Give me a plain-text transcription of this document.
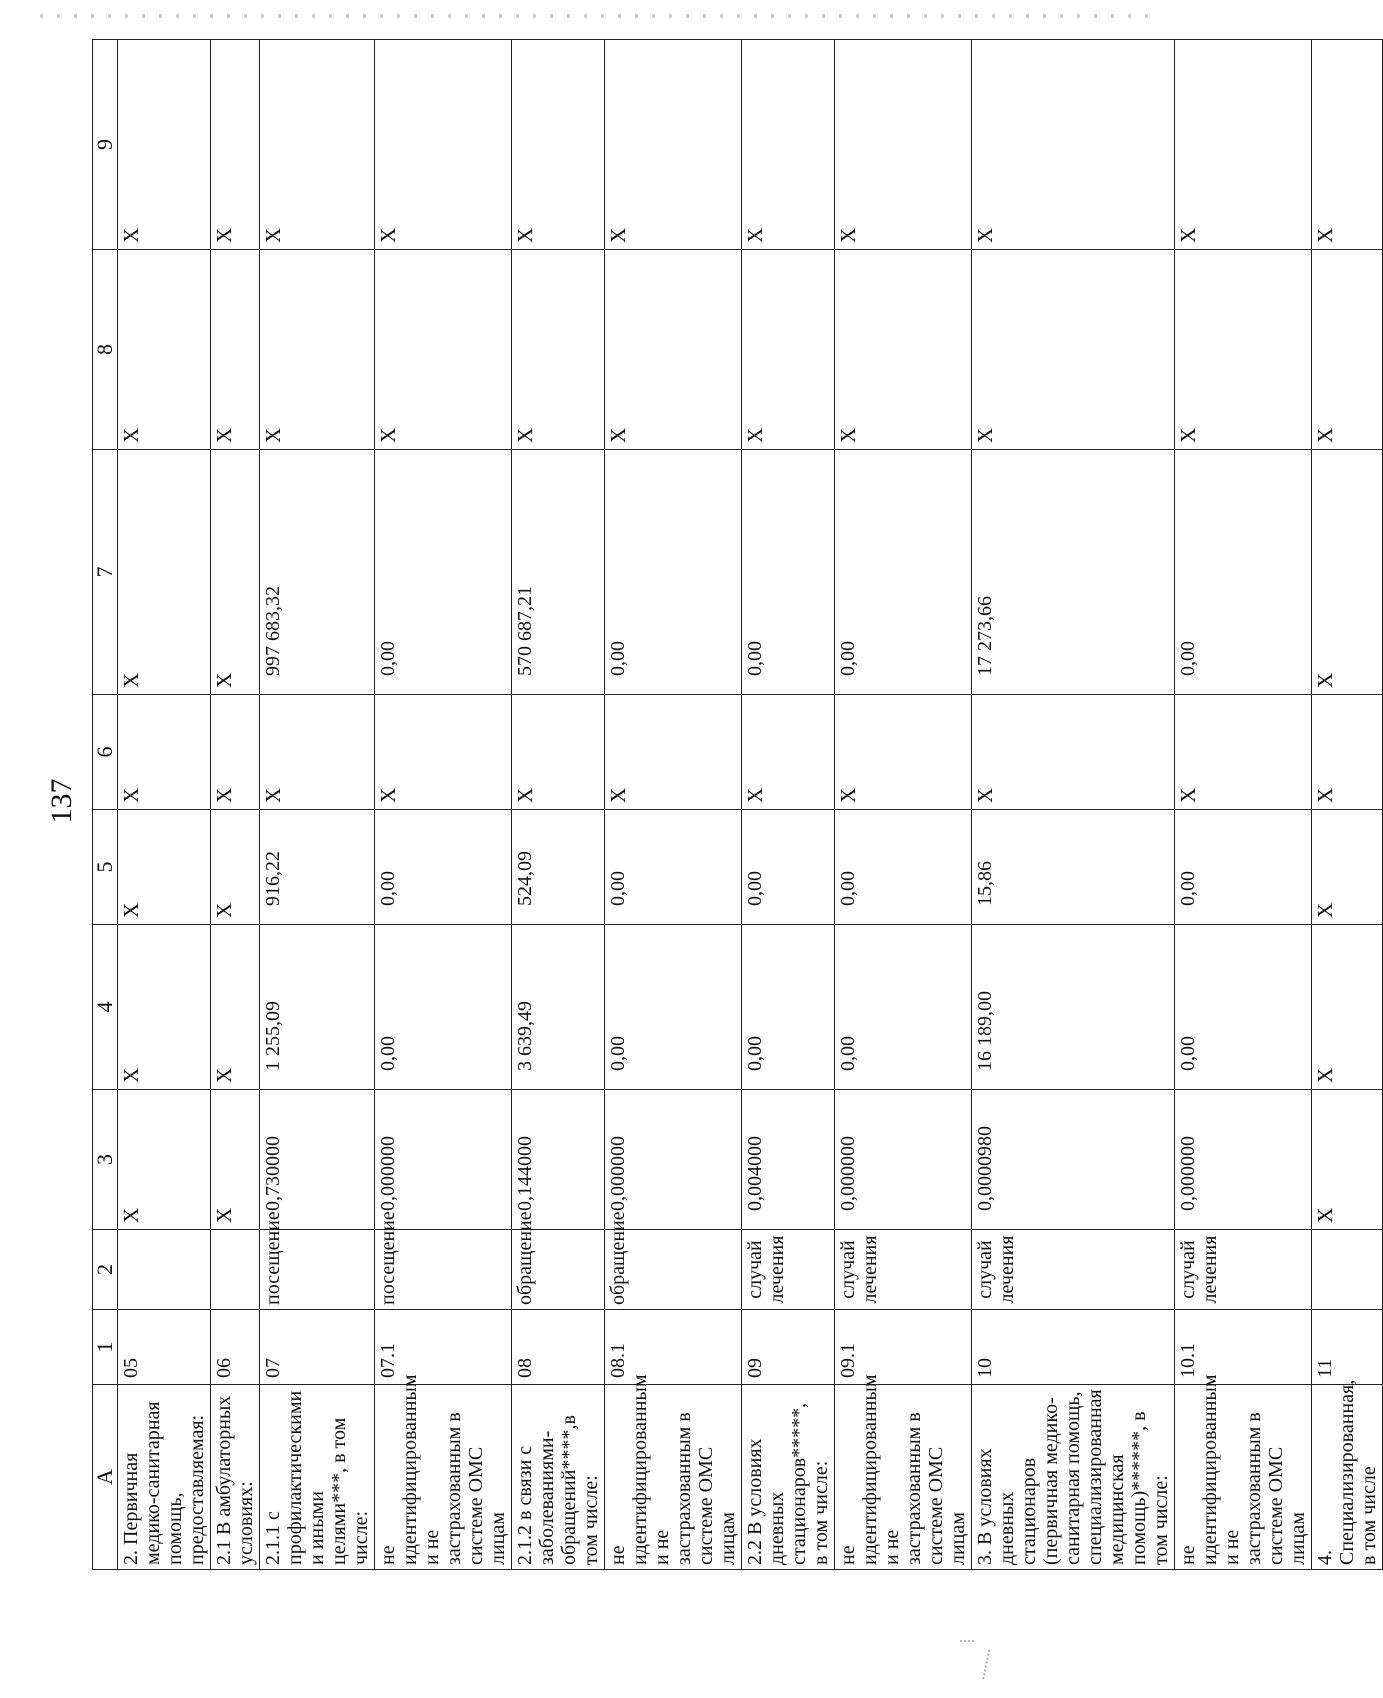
137
А	1	2	3	4	5	6	7	8	9
2. Первичная медико-санитарная помощь, предоставляемая:	05		X	X	X	X	X	X	X
2.1 В амбулаторных условиях:	06		X	X	X	X	X	X	X
2.1.1 с профилактическими и иными целями***, в том числе:	07	посещение	0,730000	1 255,09	916,22	X	997 683,32	X	X
не идентифицированным и не застрахованным в системе ОМС лицам	07.1	посещение	0,000000	0,00	0,00	X	0,00	X	X
2.1.2 в связи с заболеваниями-обращений****,в том числе:	08	обращение	0,144000	3 639,49	524,09	X	570 687,21	X	X
не идентифицированным и не застрахованным в системе ОМС лицам	08.1	обращение	0,000000	0,00	0,00	X	0,00	X	X
2.2 В условиях дневных стационаров*****, в том числе:	09	случай лечения	0,004000	0,00	0,00	X	0,00	X	X
не идентифицированным и не застрахованным в системе ОМС лицам	09.1	случай лечения	0,000000	0,00	0,00	X	0,00	X	X
3. В условиях дневных стационаров (первичная медико-санитарная помощь, специализированная медицинская помощь)******, в том числе:	10	случай лечения	0,0000980	16 189,00	15,86	X	17 273,66	X	X
не идентифицированным и не застрахованным в системе ОМС лицам	10.1	случай лечения	0,000000	0,00	0,00	X	0,00	X	X
4. Специализированная, в том числе	11		X	X	X	X	X	X	X
